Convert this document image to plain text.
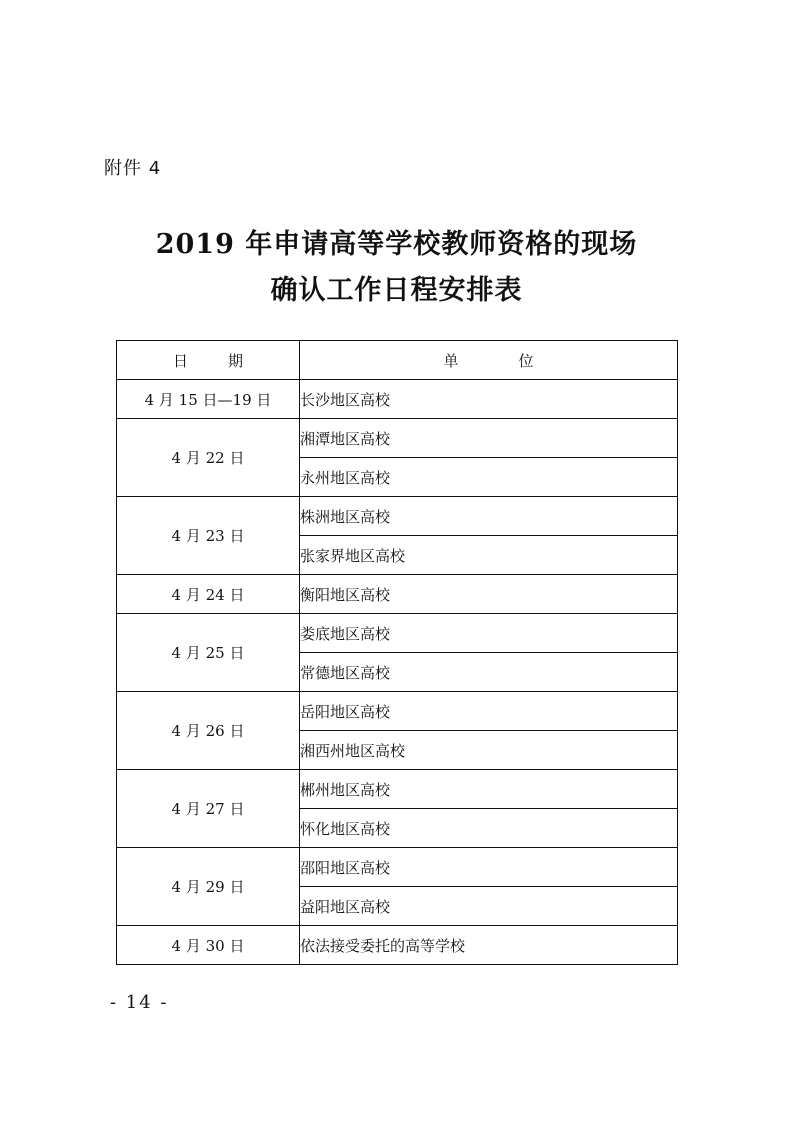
附件 4
2019 年申请高等学校教师资格的现场
确认工作日程安排表
日期	单位
4 月 15 日—19 日	长沙地区高校
4 月 22 日	湘潭地区高校
	永州地区高校
4 月 23 日	株洲地区高校
	张家界地区高校
4 月 24 日	衡阳地区高校
4 月 25 日	娄底地区高校
	常德地区高校
4 月 26 日	岳阳地区高校
	湘西州地区高校
4 月 27 日	郴州地区高校
	怀化地区高校
4 月 29 日	邵阳地区高校
	益阳地区高校
4 月 30 日	依法接受委托的高等学校
- 14 -
